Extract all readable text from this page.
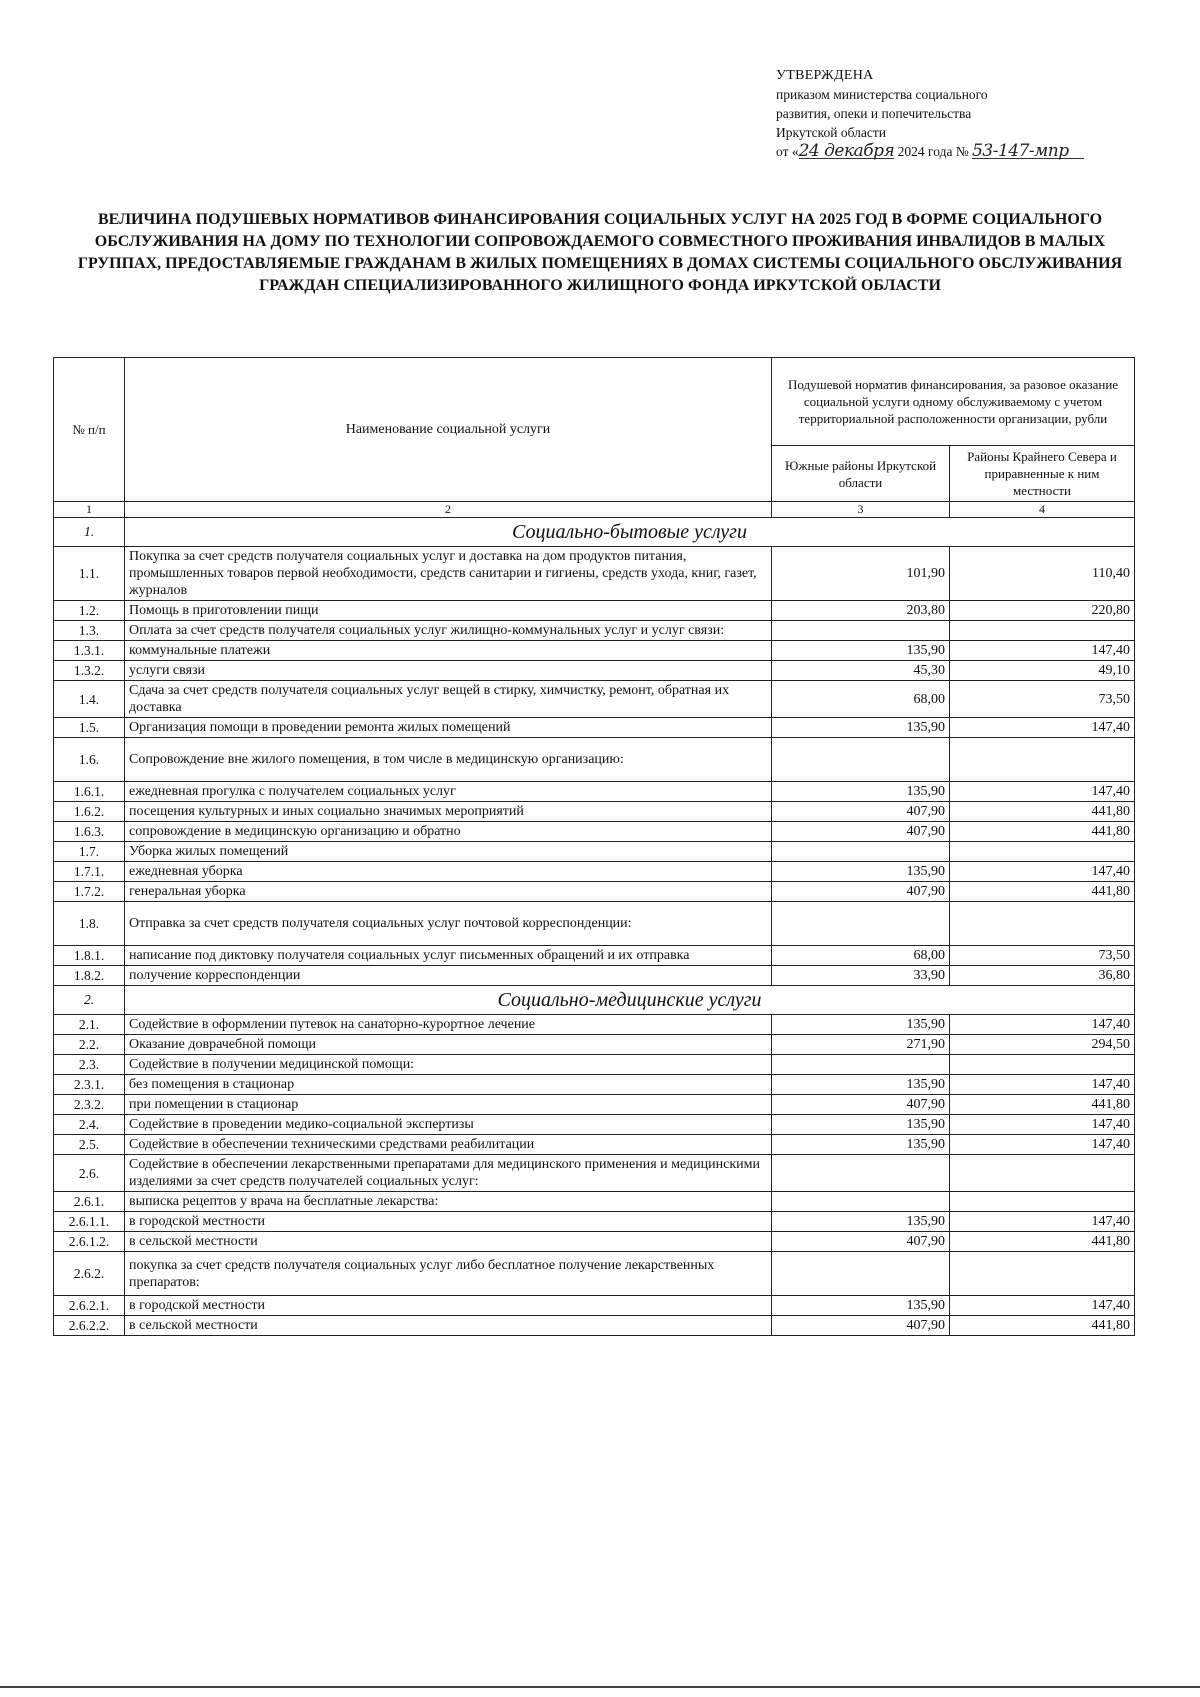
УТВЕРЖДЕНА
приказом министерства социального
развития, опеки и попечительства
Иркутской области
от «24 декабря 2024 года № 53-147-мпр
ВЕЛИЧИНА ПОДУШЕВЫХ НОРМАТИВОВ ФИНАНСИРОВАНИЯ СОЦИАЛЬНЫХ УСЛУГ НА 2025 ГОД В ФОРМЕ СОЦИАЛЬНОГО ОБСЛУЖИВАНИЯ НА ДОМУ ПО ТЕХНОЛОГИИ СОПРОВОЖДАЕМОГО СОВМЕСТНОГО ПРОЖИВАНИЯ ИНВАЛИДОВ В МАЛЫХ ГРУППАХ, ПРЕДОСТАВЛЯЕМЫЕ ГРАЖДАНАМ В ЖИЛЫХ ПОМЕЩЕНИЯХ В ДОМАХ СИСТЕМЫ СОЦИАЛЬНОГО ОБСЛУЖИВАНИЯ ГРАЖДАН СПЕЦИАЛИЗИРОВАННОГО ЖИЛИЩНОГО ФОНДА ИРКУТСКОЙ ОБЛАСТИ
№ п/п	Наименование социальной услуги	Подушевой норматив финансирования, за разовое оказание социальной услуги одному обслуживаемому с учетом территориальной расположенности организации, рубли	
		Южные районы Иркутской области	Районы Крайнего Севера и приравненные к ним местности
1	2	3	4
1.	Социально-бытовые услуги		
1.1.	Покупка за счет средств получателя социальных услуг и доставка на дом продуктов питания, промышленных товаров первой необходимости, средств санитарии и гигиены, средств ухода, книг, газет, журналов	101,90	110,40
1.2.	Помощь в приготовлении пищи	203,80	220,80
1.3.	Оплата за счет средств получателя социальных услуг жилищно-коммунальных услуг и услуг связи:		
1.3.1.	коммунальные платежи	135,90	147,40
1.3.2.	услуги связи	45,30	49,10
1.4.	Сдача за счет средств получателя социальных услуг вещей в стирку, химчистку, ремонт, обратная их доставка	68,00	73,50
1.5.	Организация помощи в проведении ремонта жилых помещений	135,90	147,40
1.6.	Сопровождение вне жилого помещения, в том числе в медицинскую организацию:		
1.6.1.	ежедневная прогулка с получателем социальных услуг	135,90	147,40
1.6.2.	посещения культурных и иных социально значимых мероприятий	407,90	441,80
1.6.3.	сопровождение в медицинскую организацию и обратно	407,90	441,80
1.7.	Уборка жилых помещений		
1.7.1.	ежедневная уборка	135,90	147,40
1.7.2.	генеральная уборка	407,90	441,80
1.8.	Отправка за счет средств получателя социальных услуг почтовой корреспонденции:		
1.8.1.	написание под диктовку получателя социальных услуг письменных обращений и их отправка	68,00	73,50
1.8.2.	получение корреспонденции	33,90	36,80
2.	Социально-медицинские услуги		
2.1.	Содействие в оформлении путевок на санаторно-курортное лечение	135,90	147,40
2.2.	Оказание доврачебной помощи	271,90	294,50
2.3.	Содействие в получении медицинской помощи:		
2.3.1.	без помещения в стационар	135,90	147,40
2.3.2.	при помещении в стационар	407,90	441,80
2.4.	Содействие в проведении медико-социальной экспертизы	135,90	147,40
2.5.	Содействие в обеспечении техническими средствами реабилитации	135,90	147,40
2.6.	Содействие в обеспечении лекарственными препаратами для медицинского применения и медицинскими изделиями за счет средств получателей социальных услуг:		
2.6.1.	выписка рецептов у врача на бесплатные лекарства:		
2.6.1.1.	в городской местности	135,90	147,40
2.6.1.2.	в сельской местности	407,90	441,80
2.6.2.	покупка за счет средств получателя социальных услуг либо бесплатное получение лекарственных препаратов:		
2.6.2.1.	в городской местности	135,90	147,40
2.6.2.2.	в сельской местности	407,90	441,80
